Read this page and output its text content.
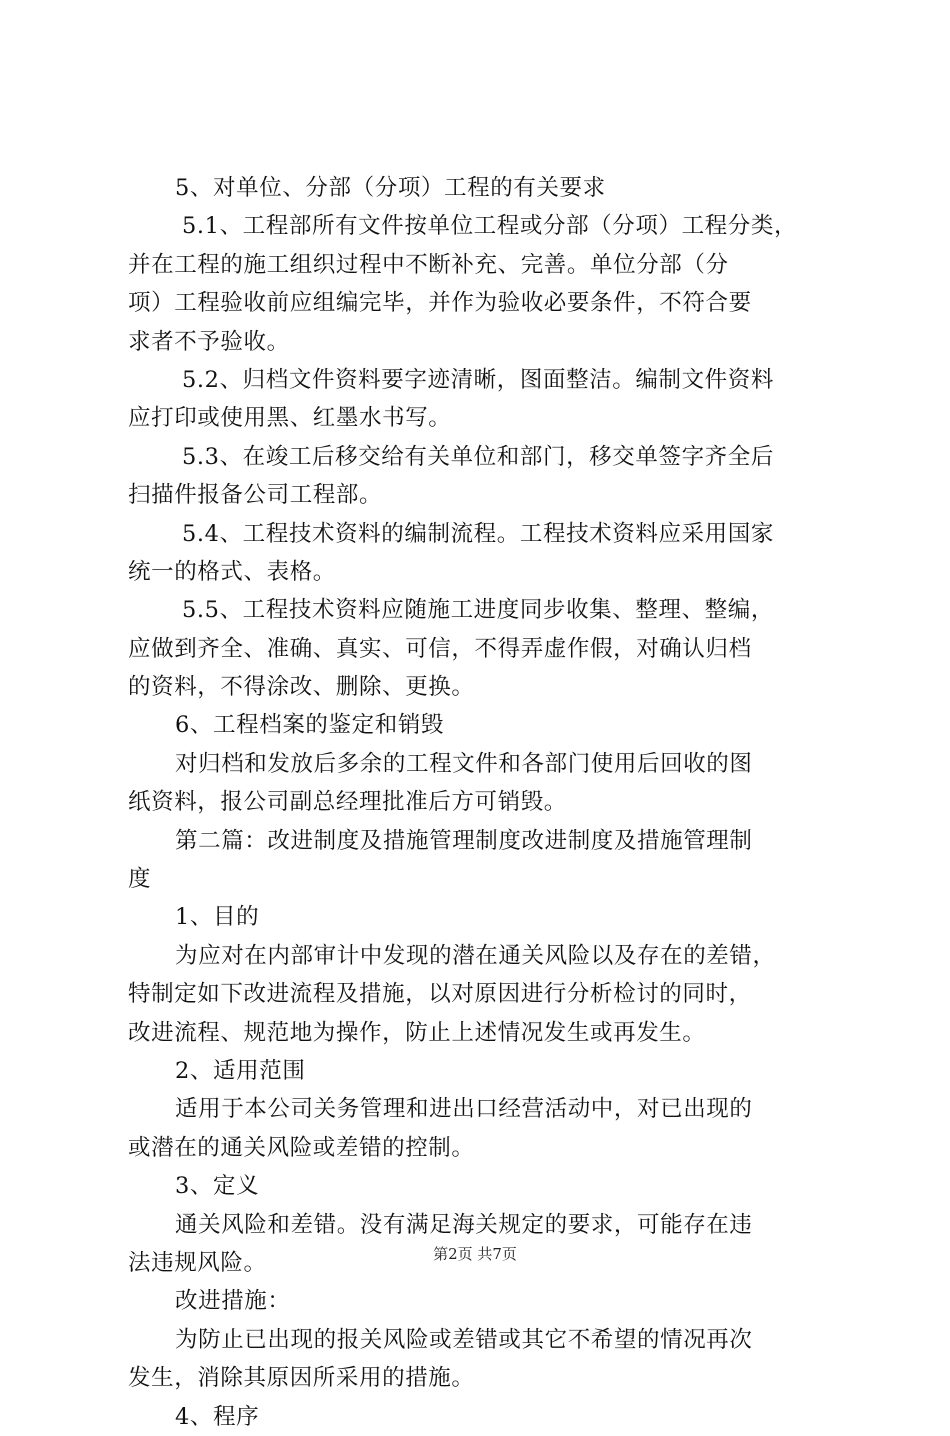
5、对单位、分部（分项）工程的有关要求
5.1、工程部所有文件按单位工程或分部（分项）工程分类，
并在工程的施工组织过程中不断补充、完善。单位分部（分
项）工程验收前应组编完毕，并作为验收必要条件，不符合要
求者不予验收。
5.2、归档文件资料要字迹清晰，图面整洁。编制文件资料
应打印或使用黑、红墨水书写。
5.3、在竣工后移交给有关单位和部门，移交单签字齐全后
扫描件报备公司工程部。
5.4、工程技术资料的编制流程。工程技术资料应采用国家
统一的格式、表格。
5.5、工程技术资料应随施工进度同步收集、整理、整编，
应做到齐全、准确、真实、可信，不得弄虚作假，对确认归档
的资料，不得涂改、删除、更换。
6、工程档案的鉴定和销毁
对归档和发放后多余的工程文件和各部门使用后回收的图
纸资料，报公司副总经理批准后方可销毁。
第二篇：改进制度及措施管理制度改进制度及措施管理制
度
1、目的
为应对在内部审计中发现的潜在通关风险以及存在的差错，
特制定如下改进流程及措施，以对原因进行分析检讨的同时，
改进流程、规范地为操作，防止上述情况发生或再发生。
2、适用范围
适用于本公司关务管理和进出口经营活动中，对已出现的
或潜在的通关风险或差错的控制。
3、定义
通关风险和差错。没有满足海关规定的要求，可能存在违
法违规风险。
改进措施：
为防止已出现的报关风险或差错或其它不希望的情况再次
发生，消除其原因所采用的措施。
4、程序
第2页 共7页
